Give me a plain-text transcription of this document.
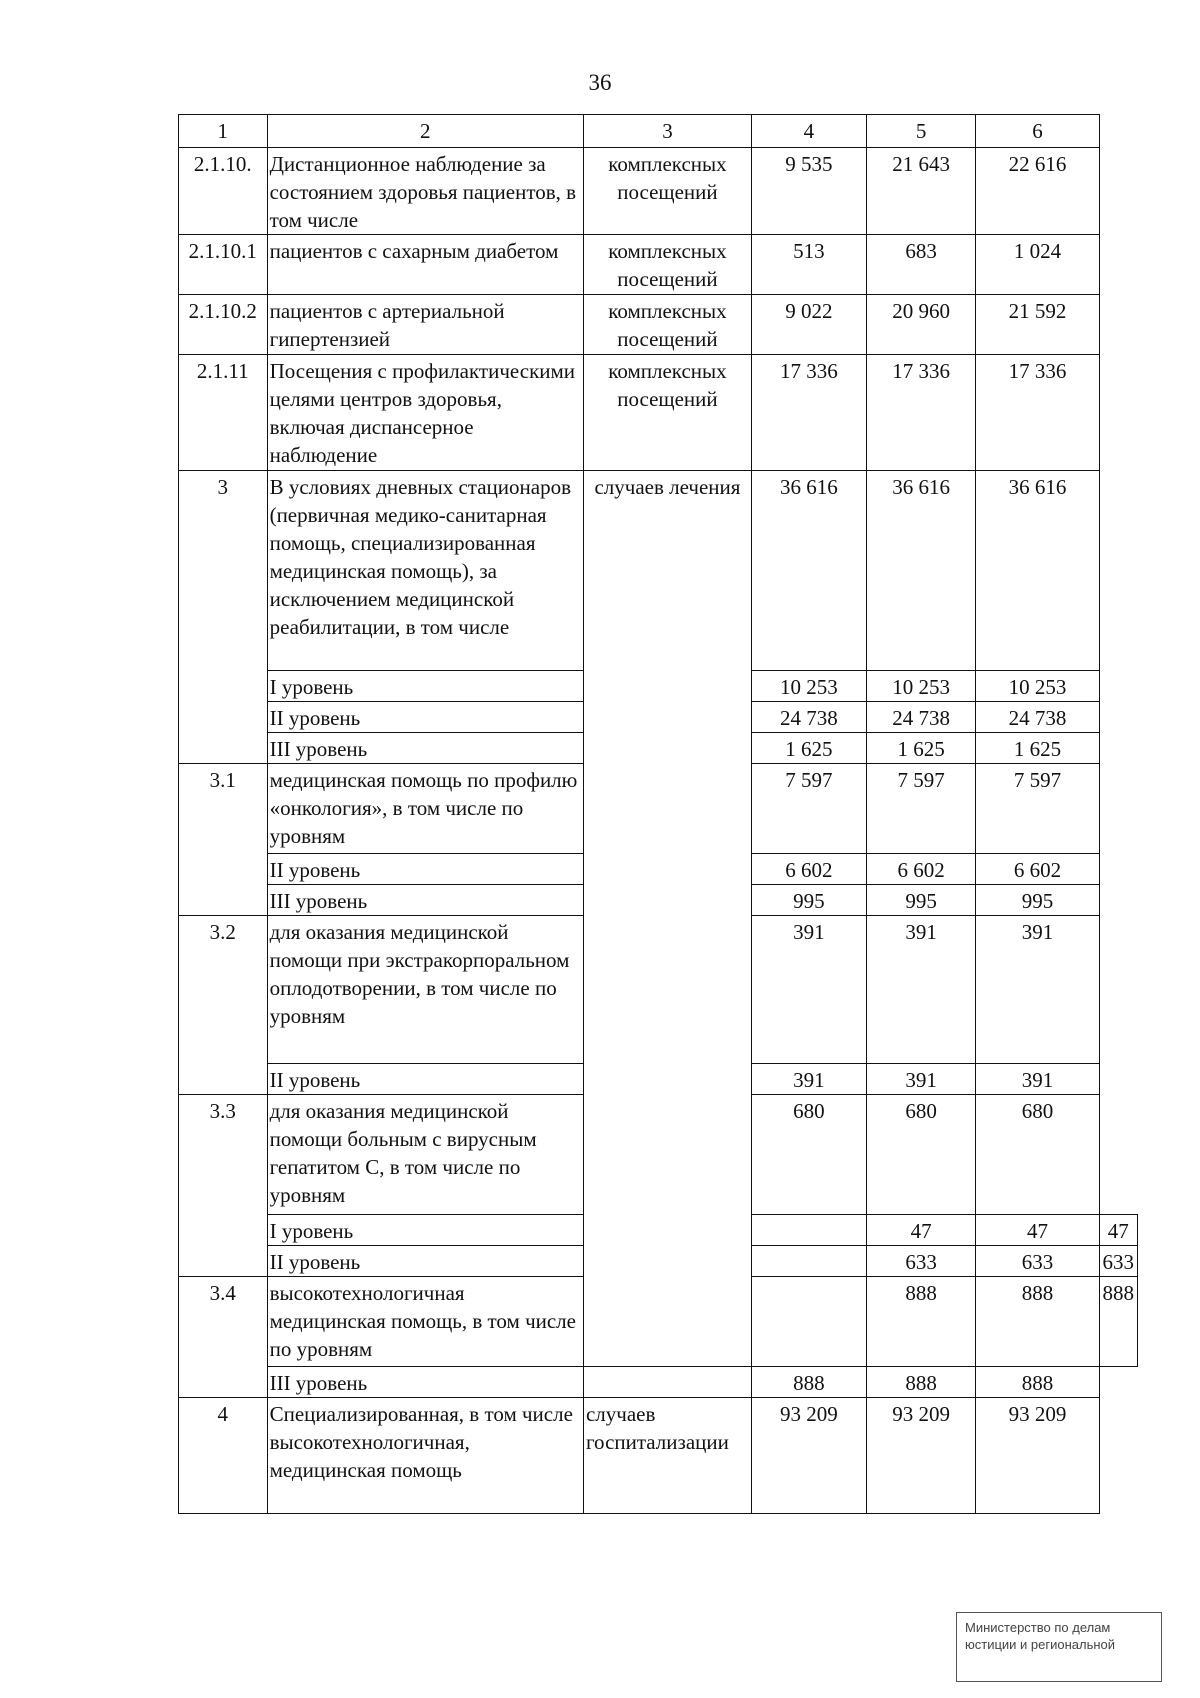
36
1	2	3	4	5	6	
2.1.10.	Дистанционное наблюдение за состоянием здоровья пациентов, в том числе	комплексных посещений	9 535	21 643	22 616	
2.1.10.1	пациентов с сахарным диабетом	комплексных посещений	513	683	1 024	
2.1.10.2	пациентов с артериальной гипертензией	комплексных посещений	9 022	20 960	21 592	
2.1.11	Посещения с профилактическими целями центров здоровья, включая диспансерное наблюдение	комплексных посещений	17 336	17 336	17 336	
3	В условиях дневных стационаров (первичная медико-санитарная помощь, специализированная медицинская помощь), за исключением медицинской реабилитации, в том числе	случаев лечения	36 616	36 616	36 616	
	I уровень		10 253	10 253	10 253	
	II уровень		24 738	24 738	24 738	
	III уровень		1 625	1 625	1 625	
3.1	медицинская помощь по профилю «онкология», в том числе по уровням		7 597	7 597	7 597	
	II уровень		6 602	6 602	6 602	
	III уровень		995	995	995	
3.2	для оказания медицинской помощи при экстракорпоральном оплодотворении, в том числе по уровням		391	391	391	
	II уровень		391	391	391	
3.3	для оказания медицинской помощи больным с вирусным гепатитом С, в том числе по уровням		680	680	680	
	I уровень			47	47	47
	II уровень			633	633	633
3.4	высокотехнологичная медицинская помощь, в том числе по уровням			888	888	888
	III уровень		888	888	888	
4	Специализированная, в том числе высокотехнологичная, медицинская помощь	случаев госпитализации	93 209	93 209	93 209	
Министерство по делам
юстиции и региональной
